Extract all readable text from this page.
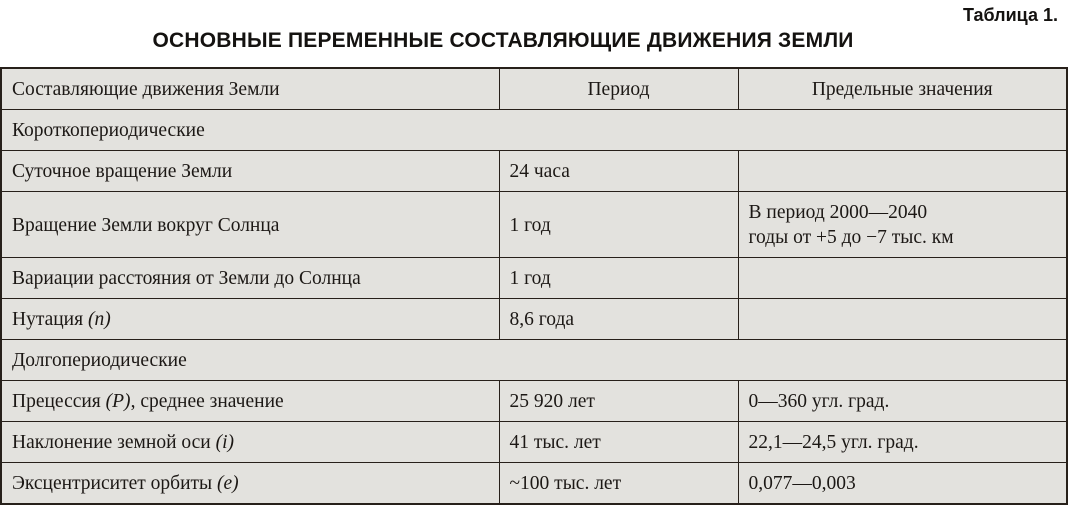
Таблица 1.
ОСНОВНЫЕ ПЕРЕМЕННЫЕ СОСТАВЛЯЮЩИЕ ДВИЖЕНИЯ ЗЕМЛИ
Составляющие движения Земли	Период	Предельные значения
Короткопериодические		
Суточное вращение Земли	24 часа	
Вращение Земли вокруг Солнца	1 год	В период 2000—2040
годы от +5 до −7 тыс. км

Вариации расстояния от Земли до Солнца	1 год	
Нутация (n)	8,6 года	
Долгопериодические		
Прецессия (P), среднее значение	25 920 лет	0—360 угл. град.
Наклонение земной оси (i)	41 тыс. лет	22,1—24,5 угл. град.
Эксцентриситет орбиты (e)	~100 тыс. лет	0,077—0,003
